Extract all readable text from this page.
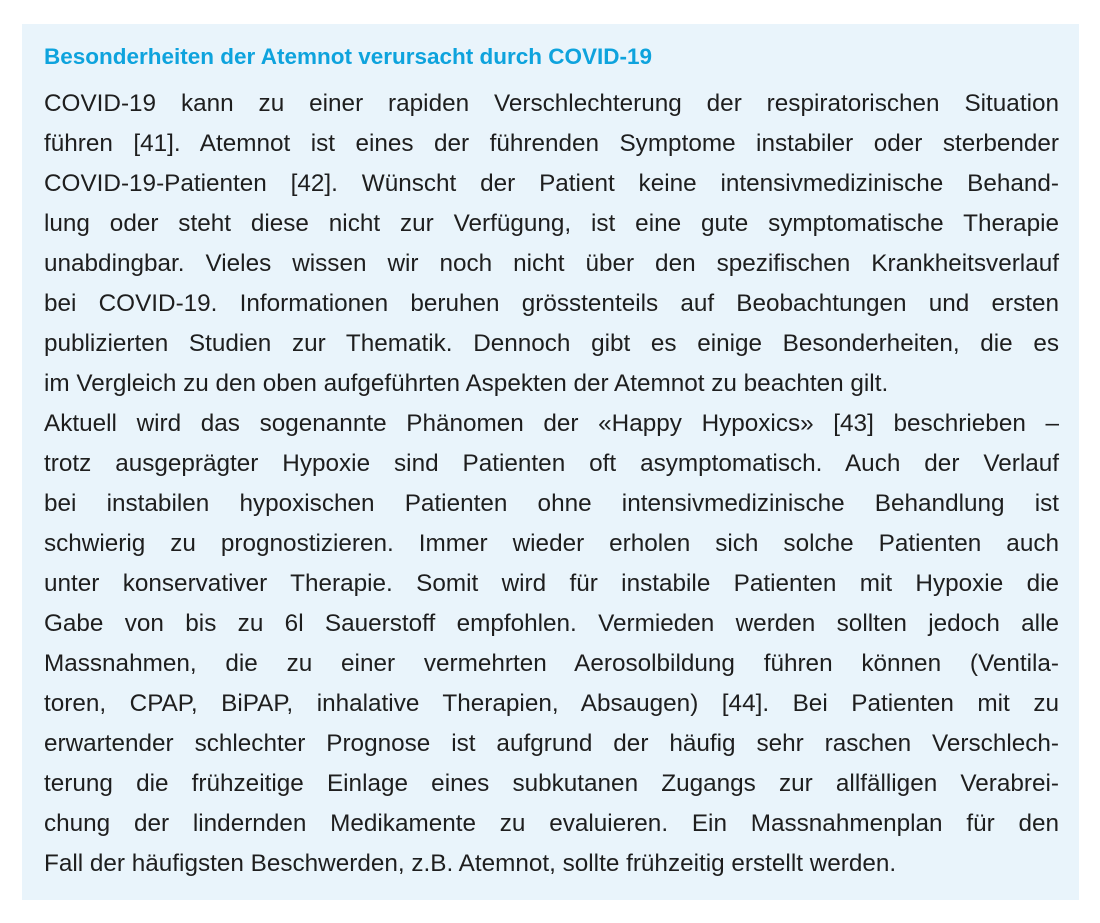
Besonderheiten der Atemnot verursacht durch COVID-19
COVID-19 kann zu einer rapiden Verschlechterung der respiratorischen Situation
führen [41]. Atemnot ist eines der führenden Symptome instabiler oder sterbender
COVID-19-Patienten [42]. Wünscht der Patient keine intensivmedizinische Behand-
lung oder steht diese nicht zur Verfügung, ist eine gute symptomatische Therapie
unabdingbar. Vieles wissen wir noch nicht über den spezifischen Krankheitsverlauf
bei COVID-19. Informationen beruhen grösstenteils auf Beobachtungen und ersten
publizierten Studien zur Thematik. Dennoch gibt es einige Besonderheiten, die es
im Vergleich zu den oben aufgeführten Aspekten der Atemnot zu beachten gilt.
Aktuell wird das sogenannte Phänomen der «Happy Hypoxics» [43] beschrieben –
trotz ausgeprägter Hypoxie sind Patienten oft asymptomatisch. Auch der Verlauf
bei instabilen hypoxischen Patienten ohne intensivmedizinische Behandlung ist
schwierig zu prognostizieren. Immer wieder erholen sich solche Patienten auch
unter konservativer Therapie. Somit wird für instabile Patienten mit Hypoxie die
Gabe von bis zu 6l Sauerstoff empfohlen. Vermieden werden sollten jedoch alle
Massnahmen, die zu einer vermehrten Aerosolbildung führen können (Ventila-
toren, CPAP, BiPAP, inhalative Therapien, Absaugen) [44]. Bei Patienten mit zu
erwartender schlechter Prognose ist aufgrund der häufig sehr raschen Verschlech-
terung die frühzeitige Einlage eines subkutanen Zugangs zur allfälligen Verabrei-
chung der lindernden Medikamente zu evaluieren. Ein Massnahmenplan für den
Fall der häufigsten Beschwerden, z.B. Atemnot, sollte frühzeitig erstellt werden.
